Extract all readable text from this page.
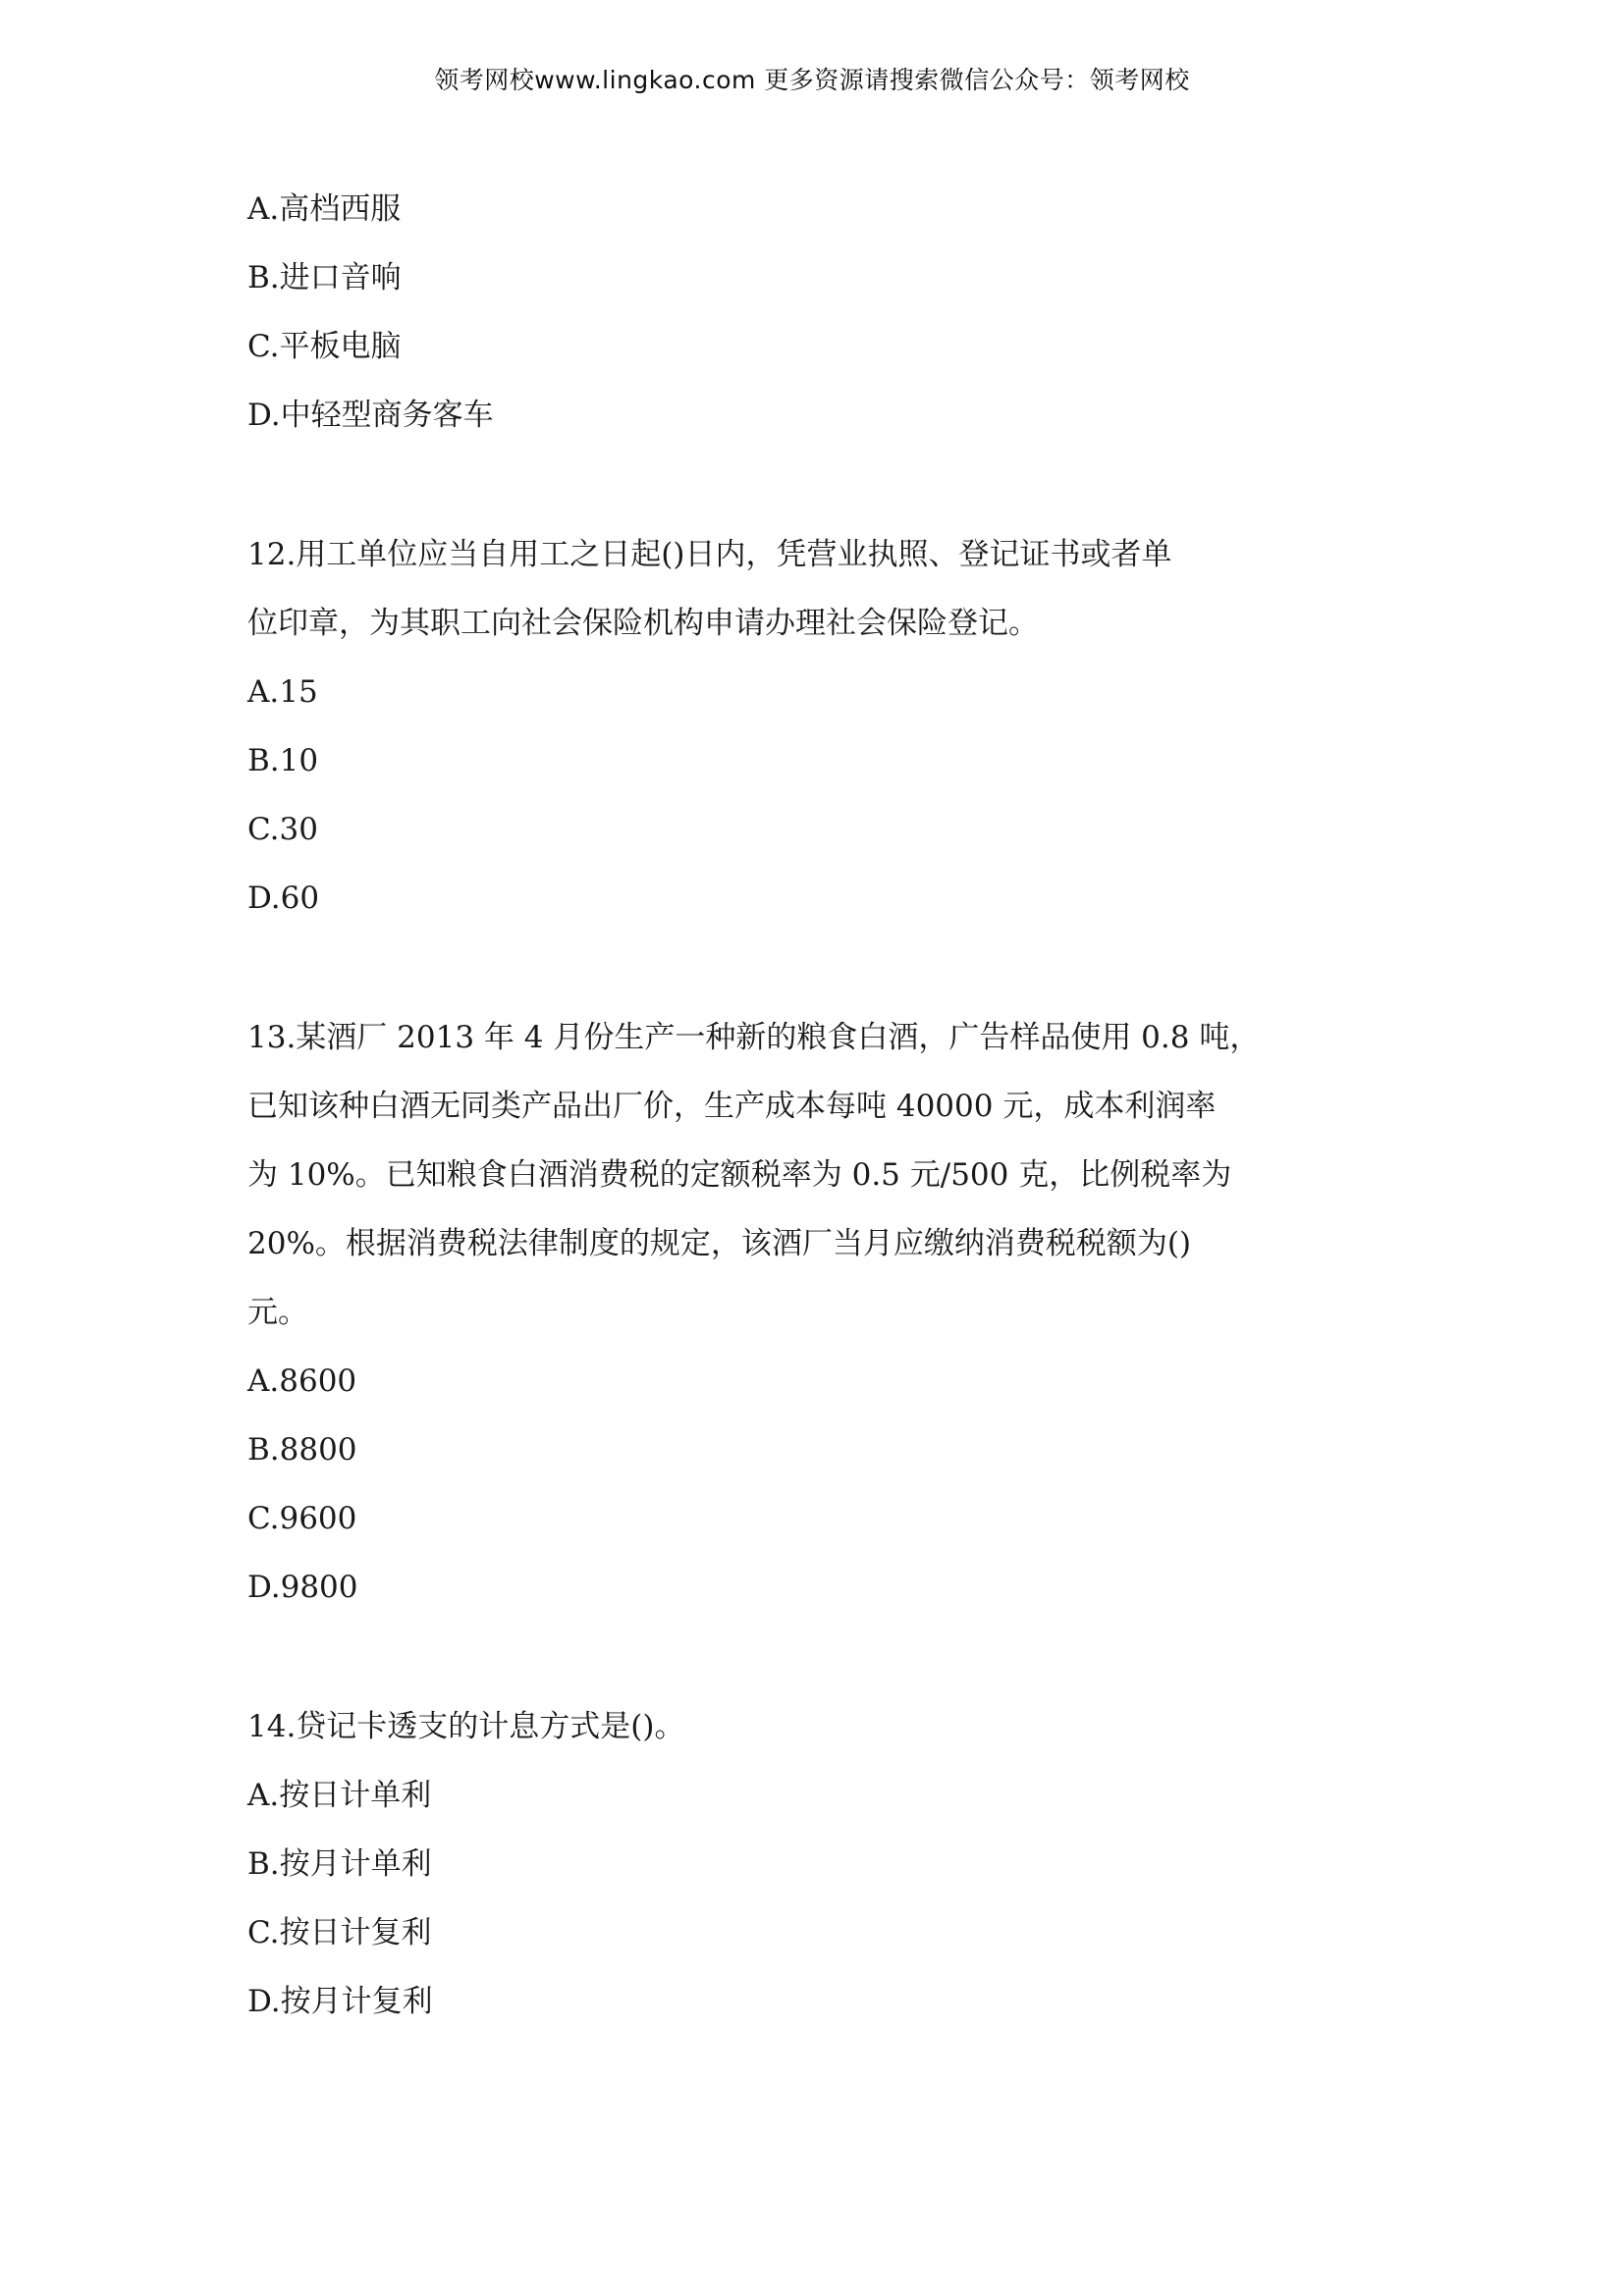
领考网校www.lingkao.com 更多资源请搜索微信公众号：领考网校
A.高档西服
B.进口音响
C.平板电脑
D.中轻型商务客车
12.用工单位应当自用工之日起()日内，凭营业执照、登记证书或者单
位印章，为其职工向社会保险机构申请办理社会保险登记。
A.15
B.10
C.30
D.60
13.某酒厂 2013 年 4 月份生产一种新的粮食白酒，广告样品使用 0.8 吨，
已知该种白酒无同类产品出厂价，生产成本每吨 40000 元，成本利润率
为 10%。已知粮食白酒消费税的定额税率为 0.5 元/500 克，比例税率为
20%。根据消费税法律制度的规定，该酒厂当月应缴纳消费税税额为()
元。
A.8600
B.8800
C.9600
D.9800
14.贷记卡透支的计息方式是()。
A.按日计单利
B.按月计单利
C.按日计复利
D.按月计复利
